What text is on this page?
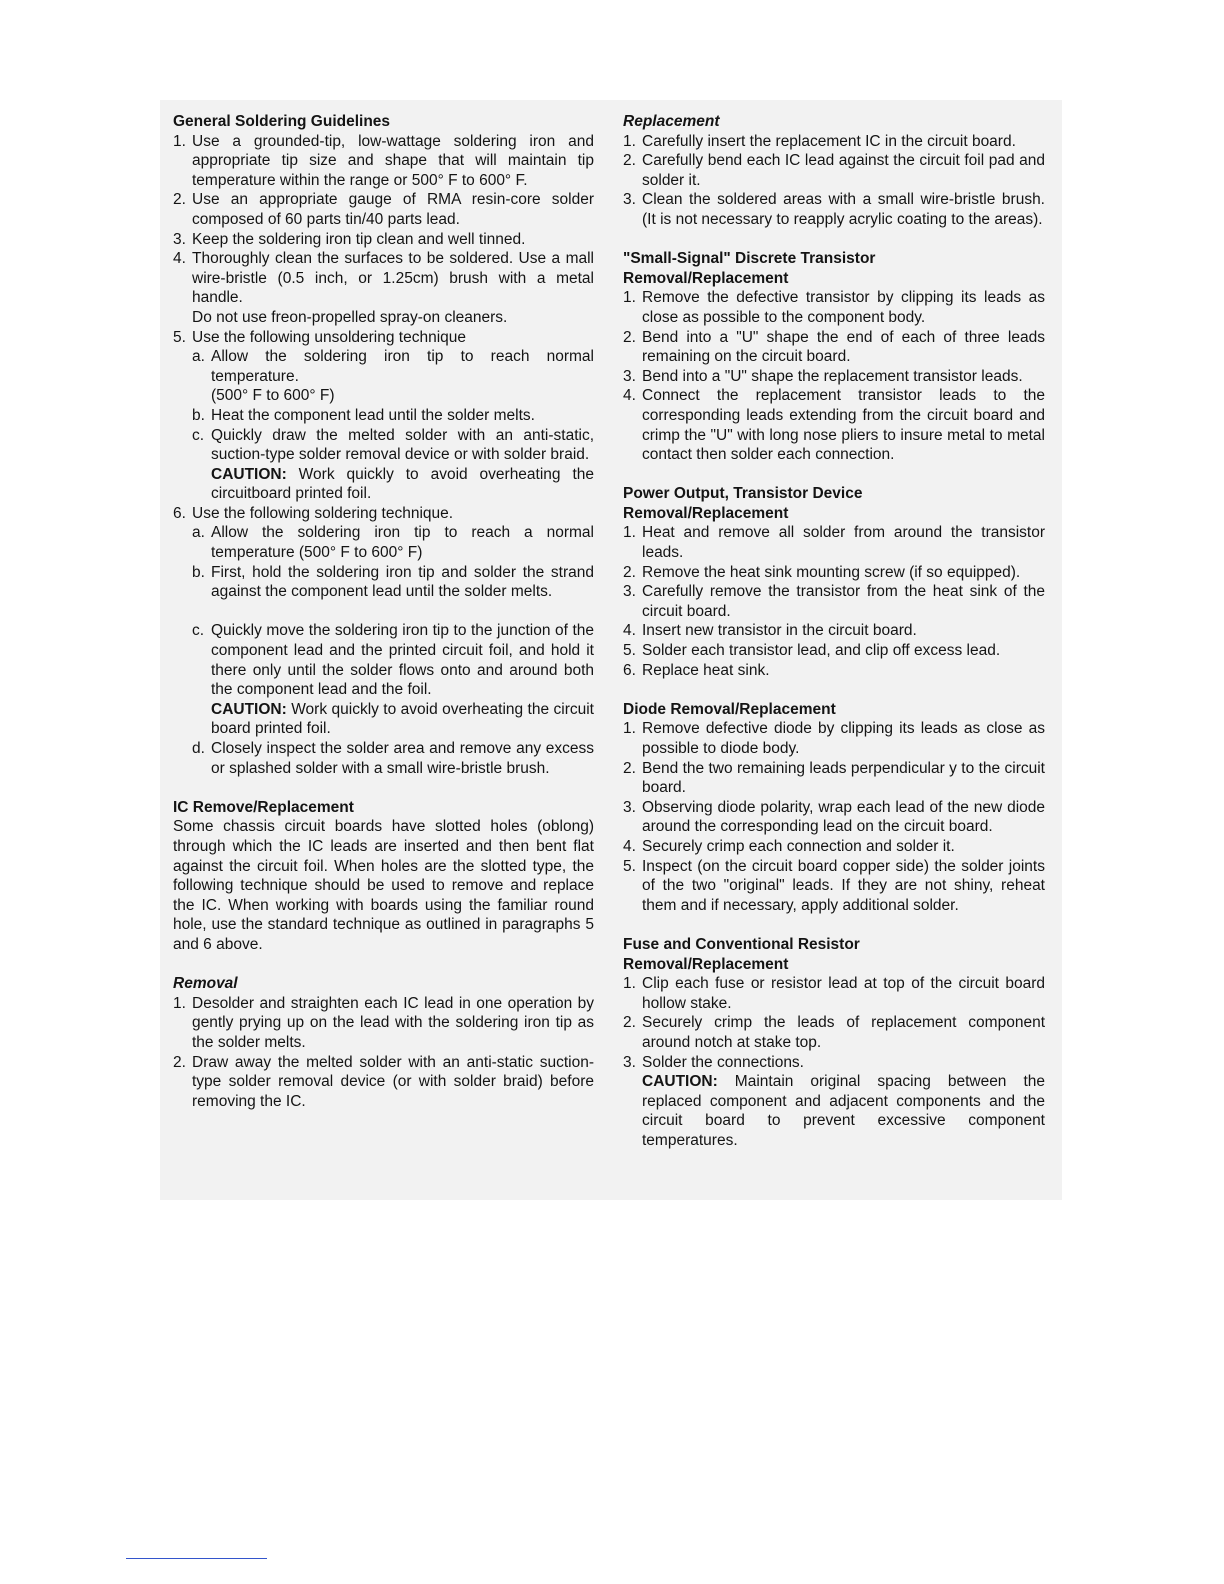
General Soldering Guidelines
1. Use a grounded-tip, low-wattage soldering iron and appropriate tip size and shape that will maintain tip temperature within the range or 500° F to 600° F.
2. Use an appropriate gauge of RMA resin-core solder composed of 60 parts tin/40 parts lead.
3. Keep the soldering iron tip clean and well tinned.
4. Thoroughly clean the surfaces to be soldered. Use a mall wire-bristle (0.5 inch, or 1.25cm) brush with a metal handle.
Do not use freon-propelled spray-on cleaners.
5. Use the following unsoldering technique
a. Allow the soldering iron tip to reach normal temperature.
(500° F to 600° F)
b. Heat the component lead until the solder melts.
c. Quickly draw the melted solder with an anti-static, suction-type solder removal device or with solder braid.
CAUTION: Work quickly to avoid overheating the circuitboard printed foil.
6. Use the following soldering technique.
a. Allow the soldering iron tip to reach a normal temperature (500° F to 600° F)
b. First, hold the soldering iron tip and solder the strand against the component lead until the solder melts.
c. Quickly move the soldering iron tip to the junction of the component lead and the printed circuit foil, and hold it there only until the solder flows onto and around both the component lead and the foil.
CAUTION: Work quickly to avoid overheating the circuit board printed foil.
d. Closely inspect the solder area and remove any excess or splashed solder with a small wire-bristle brush.
IC Remove/Replacement
Some chassis circuit boards have slotted holes (oblong) through which the IC leads are inserted and then bent flat against the circuit foil. When holes are the slotted type, the following technique should be used to remove and replace the IC. When working with boards using the familiar round hole, use the standard technique as outlined in paragraphs 5 and 6 above.
Removal
1. Desolder and straighten each IC lead in one operation by gently prying up on the lead with the soldering iron tip as the solder melts.
2. Draw away the melted solder with an anti-static suction-type solder removal device (or with solder braid) before removing the IC.
Replacement
1. Carefully insert the replacement IC in the circuit board.
2. Carefully bend each IC lead against the circuit foil pad and solder it.
3. Clean the soldered areas with a small wire-bristle brush. (It is not necessary to reapply acrylic coating to the areas).
"Small-Signal" Discrete Transistor
Removal/Replacement
1. Remove the defective transistor by clipping its leads as close as possible to the component body.
2. Bend into a "U" shape the end of each of three leads remaining on the circuit board.
3. Bend into a "U" shape the replacement transistor leads.
4. Connect the replacement transistor leads to the corresponding leads extending from the circuit board and crimp the "U" with long nose pliers to insure metal to metal contact then solder each connection.
Power Output, Transistor Device
Removal/Replacement
1. Heat and remove all solder from around the transistor leads.
2. Remove the heat sink mounting screw (if so equipped).
3. Carefully remove the transistor from the heat sink of the circuit board.
4. Insert new transistor in the circuit board.
5. Solder each transistor lead, and clip off excess lead.
6. Replace heat sink.
Diode Removal/Replacement
1. Remove defective diode by clipping its leads as close as possible to diode body.
2. Bend the two remaining leads perpendicular y to the circuit board.
3. Observing diode polarity, wrap each lead of the new diode around the corresponding lead on the circuit board.
4. Securely crimp each connection and solder it.
5. Inspect (on the circuit board copper side) the solder joints of the two "original" leads. If they are not shiny, reheat them and if necessary, apply additional solder.
Fuse and Conventional Resistor
Removal/Replacement
1. Clip each fuse or resistor lead at top of the circuit board hollow stake.
2. Securely crimp the leads of replacement component around notch at stake top.
3. Solder the connections.
CAUTION: Maintain original spacing between the replaced component and adjacent components and the circuit board to prevent excessive component temperatures.
